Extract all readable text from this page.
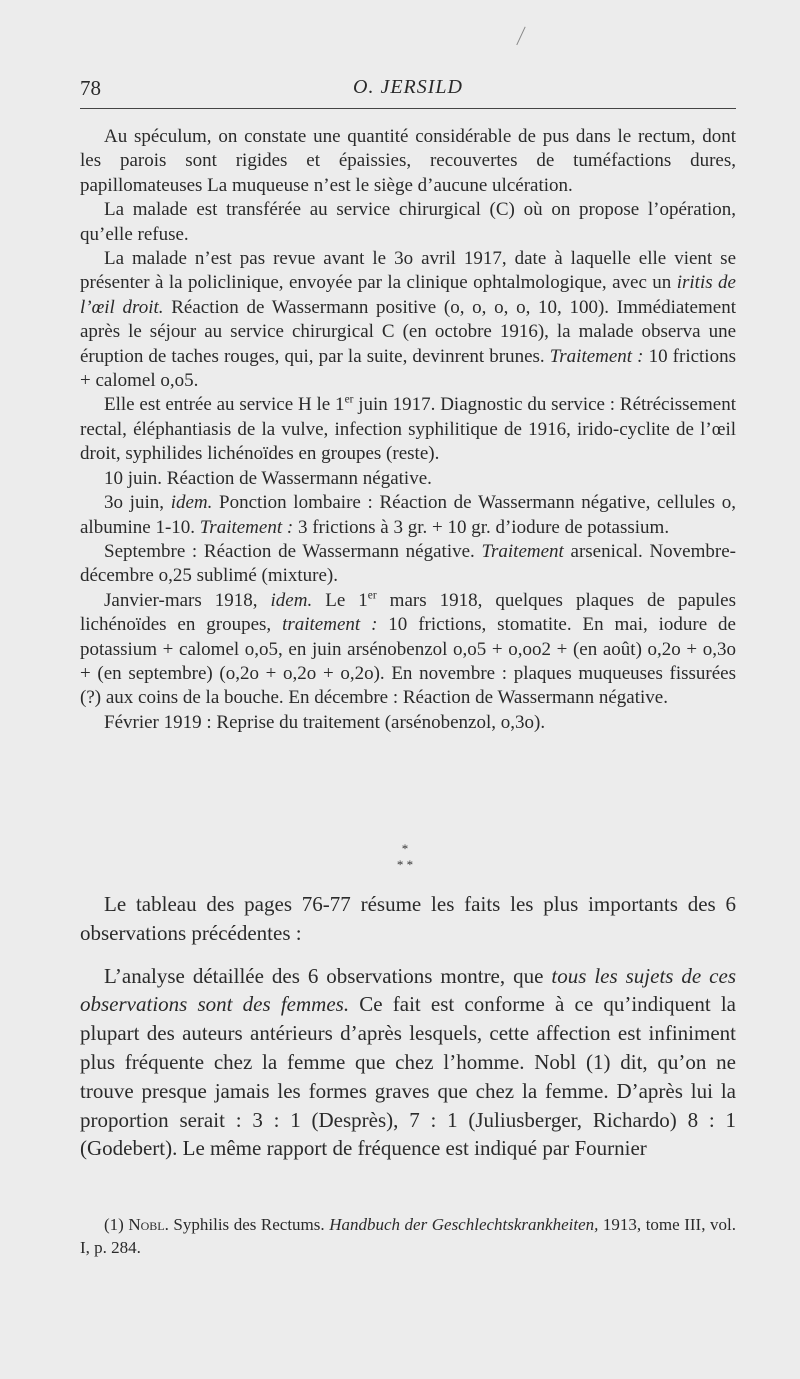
78	O. JERSILD

Au spéculum, on constate une quantité considérable de pus dans le rectum, dont les parois sont rigides et épaissies, recouvertes de tuméfactions dures, papillomateuses La muqueuse n’est le siège d’aucune ulcération.

La malade est transférée au service chirurgical (C) où on propose l’opération, qu’elle refuse.

La malade n’est pas revue avant le 3o avril 1917, date à laquelle elle vient se présenter à la policlinique, envoyée par la clinique ophtalmologique, avec un iritis de l’œil droit. Réaction de Wassermann positive (o, o, o, o, 10, 100). Immédiatement après le séjour au service chirurgical C (en octobre 1916), la malade observa une éruption de taches rouges, qui, par la suite, devinrent brunes. Traitement : 10 frictions + calomel o,o5.

Elle est entrée au service H le 1er juin 1917. Diagnostic du service : Rétrécissement rectal, éléphantiasis de la vulve, infection syphilitique de 1916, irido-cyclite de l’œil droit, syphilides lichénoïdes en groupes (reste).

10 juin. Réaction de Wassermann négative.

3o juin, idem. Ponction lombaire : Réaction de Wassermann négative, cellules o, albumine 1-10. Traitement : 3 frictions à 3 gr. + 10 gr. d’iodure de potassium.

Septembre : Réaction de Wassermann négative. Traitement arsenical. Novembre-décembre o,25 sublimé (mixture).

Janvier-mars 1918, idem. Le 1er mars 1918, quelques plaques de papules lichénoïdes en groupes, traitement : 10 frictions, stomatite. En mai, iodure de potassium + calomel o,o5, en juin arsénobenzol o,o5 + o,oo2 + (en août) o,2o + o,3o + (en septembre) (o,2o + o,2o + o,2o). En novembre : plaques muqueuses fissurées (?) aux coins de la bouche. En décembre : Réaction de Wassermann négative.

Février 1919 : Reprise du traitement (arsénobenzol, o,3o).

*
* *

Le tableau des pages 76-77 résume les faits les plus importants des 6 observations précédentes :

L’analyse détaillée des 6 observations montre, que tous les sujets de ces observations sont des femmes. Ce fait est conforme à ce qu’indiquent la plupart des auteurs antérieurs d’après lesquels, cette affection est infiniment plus fréquente chez la femme que chez l’homme. Nobl (1) dit, qu’on ne trouve presque jamais les formes graves que chez la femme. D’après lui la proportion serait : 3 : 1 (Desprès), 7 : 1 (Juliusberger, Richardo) 8 : 1 (Godebert). Le même rapport de fréquence est indiqué par Fournier

(1) Nobl. Syphilis des Rectums. Handbuch der Geschlechtskrankheiten, 1913, tome III, vol. I, p. 284.
